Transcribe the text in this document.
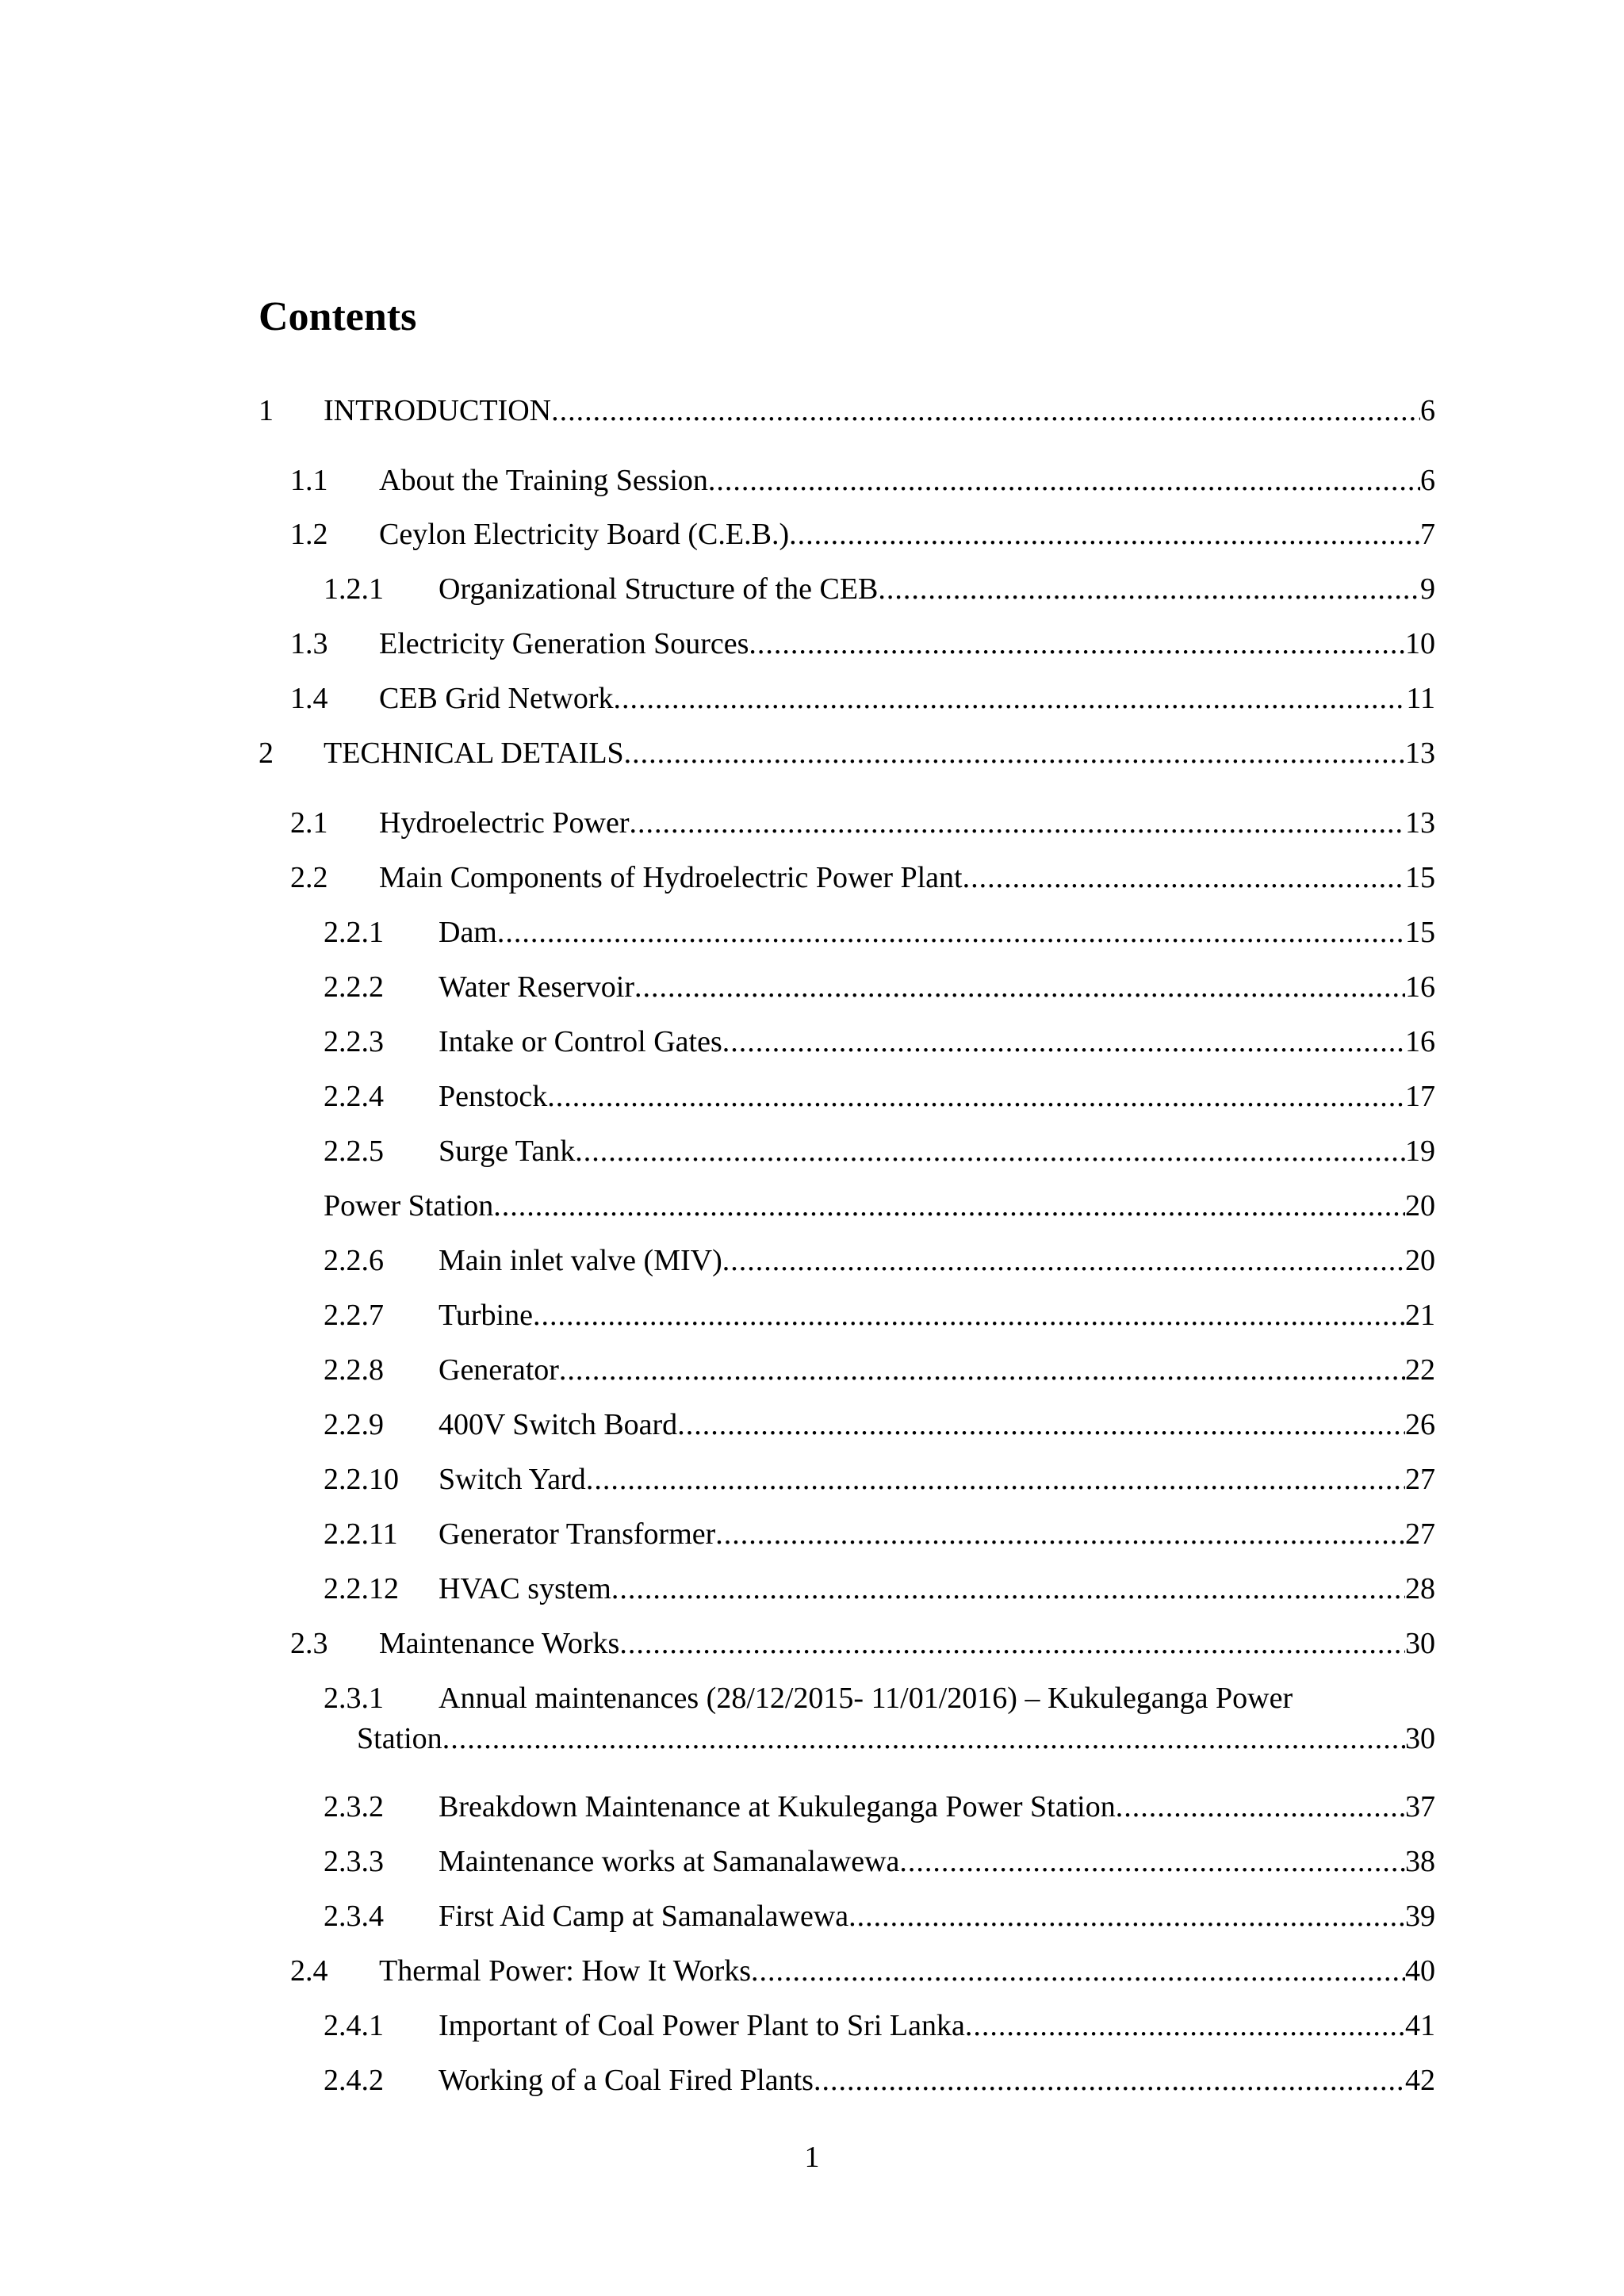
Contents
1 INTRODUCTION .....	6
1.1 About the Training Session .....	6
1.2 Ceylon Electricity Board (C.E.B.) .....	7
1.2.1 Organizational Structure of the CEB .....	9
1.3 Electricity Generation Sources .....	10
1.4 CEB Grid Network .....	11
2 TECHNICAL DETAILS .....	13
2.1 Hydroelectric Power .....	13
2.2 Main Components of Hydroelectric Power Plant .....	15
2.2.1 Dam .....	15
2.2.2 Water Reservoir .....	16
2.2.3 Intake or Control Gates .....	16
2.2.4 Penstock .....	17
2.2.5 Surge Tank .....	19
Power Station .....	20
2.2.6 Main inlet valve (MIV) .....	20
2.2.7 Turbine .....	21
2.2.8 Generator .....	22
2.2.9 400V Switch Board .....	26
2.2.10 Switch Yard .....	27
2.2.11 Generator Transformer .....	27
2.2.12 HVAC system .....	28
2.3 Maintenance Works .....	30
2.3.1 Annual maintenances (28/12/2015- 11/01/2016) – Kukuleganga Power
Station .....	30
2.3.2 Breakdown Maintenance at Kukuleganga Power Station .....	37
2.3.3 Maintenance works at Samanalawewa .....	38
2.3.4 First Aid Camp at Samanalawewa .....	39
2.4 Thermal Power: How It Works .....	40
2.4.1 Important of Coal Power Plant to Sri Lanka .....	41
2.4.2 Working of a Coal Fired Plants .....	42
1
